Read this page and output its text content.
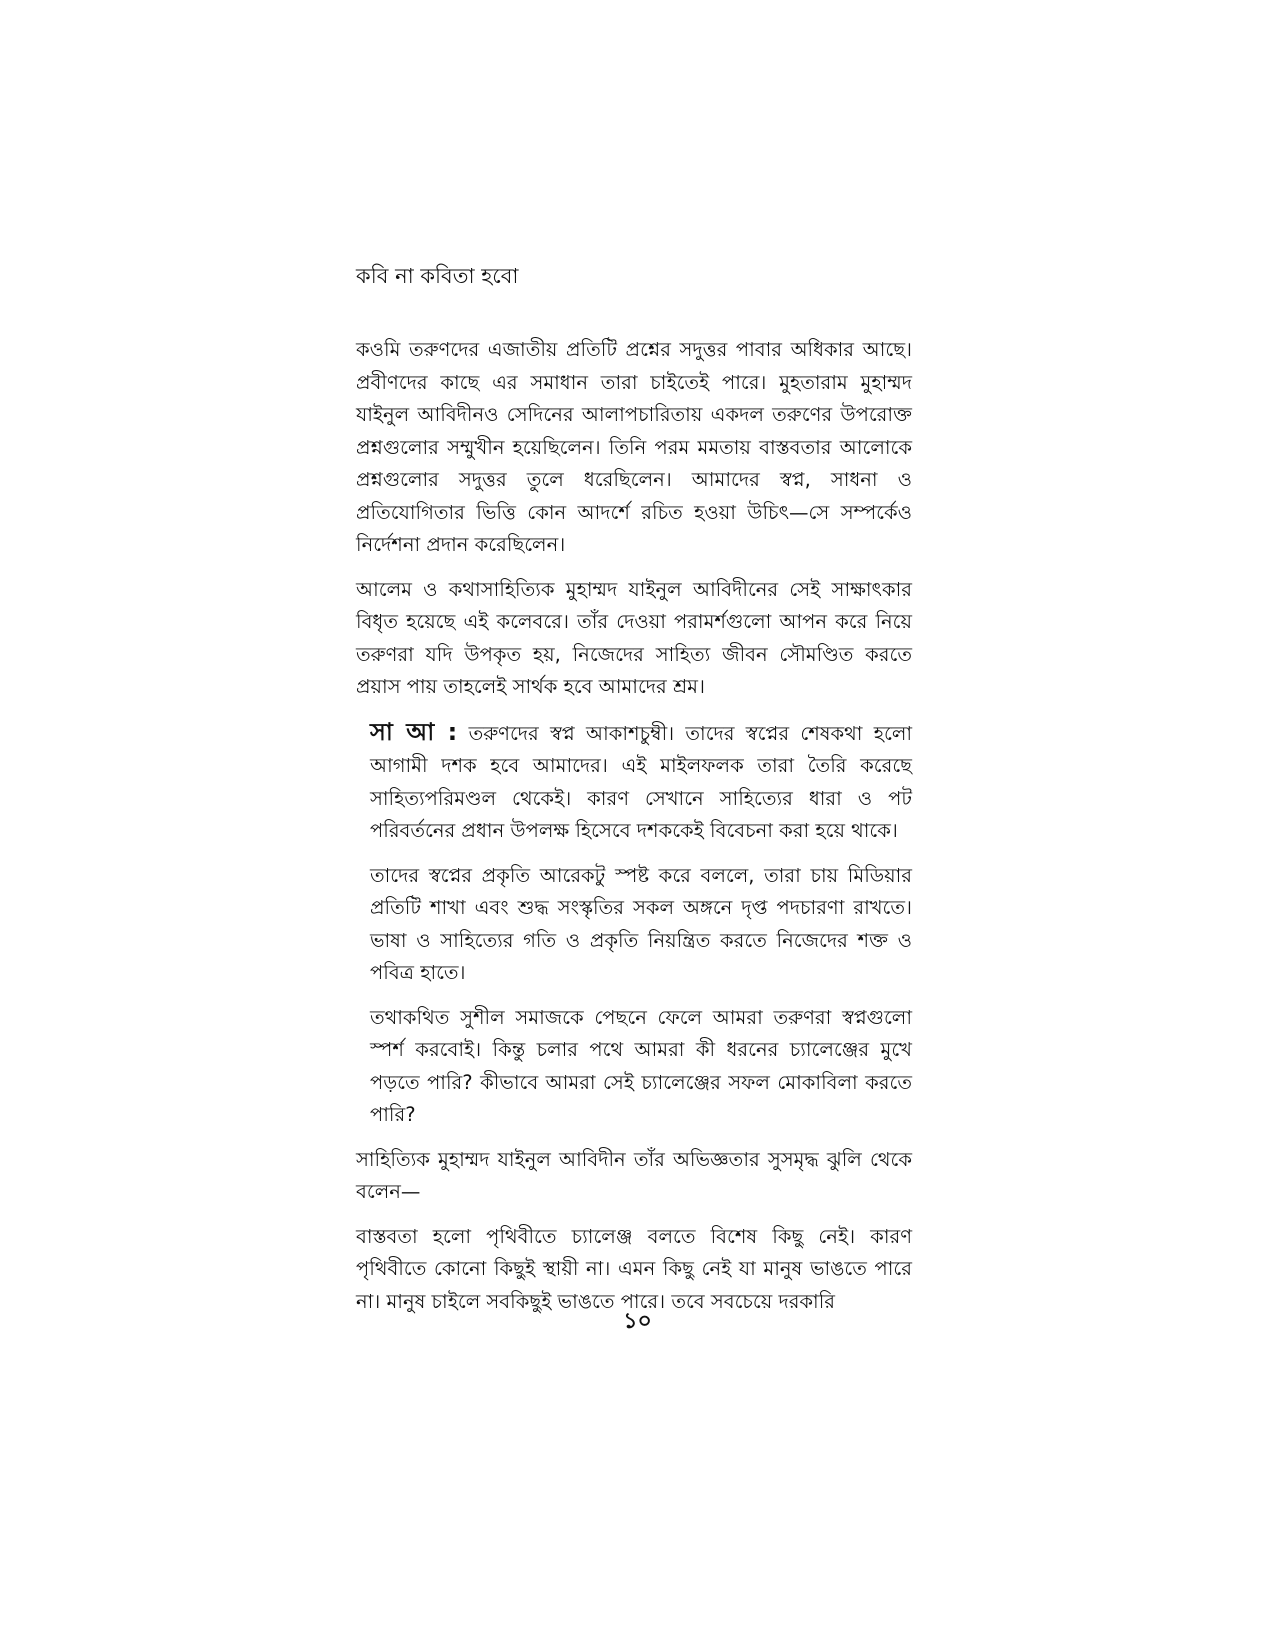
কবি না কবিতা হবো

কওমি তরুণদের এজাতীয় প্রতিটি প্রশ্নের সদুত্তর পাবার অধিকার আছে। প্রবীণদের কাছে এর সমাধান তারা চাইতেই পারে। মুহতারাম মুহাম্মদ যাইনুল আবিদীনও সেদিনের আলাপচারিতায় একদল তরুণের উপরোক্ত প্রশ্নগুলোর সম্মুখীন হয়েছিলেন। তিনি পরম মমতায় বাস্তবতার আলোকে প্রশ্নগুলোর সদুত্তর তুলে ধরেছিলেন। আমাদের স্বপ্ন, সাধনা ও প্রতিযোগিতার ভিত্তি কোন আদর্শে রচিত হওয়া উচিৎ—সে সম্পর্কেও নির্দেশনা প্রদান করেছিলেন।

আলেম ও কথাসাহিত্যিক মুহাম্মদ যাইনুল আবিদীনের সেই সাক্ষাৎকার বিধৃত হয়েছে এই কলেবরে। তাঁর দেওয়া পরামর্শগুলো আপন করে নিয়ে তরুণরা যদি উপকৃত হয়, নিজেদের সাহিত্য জীবন সৌমণ্ডিত করতে প্রয়াস পায় তাহলেই সার্থক হবে আমাদের শ্রম।

সা আ : তরুণদের স্বপ্ন আকাশচুম্বী। তাদের স্বপ্নের শেষকথা হলো আগামী দশক হবে আমাদের। এই মাইলফলক তারা তৈরি করেছে সাহিত্যপরিমণ্ডল থেকেই। কারণ সেখানে সাহিত্যের ধারা ও পট পরিবর্তনের প্রধান উপলক্ষ হিসেবে দশককেই বিবেচনা করা হয়ে থাকে।

তাদের স্বপ্নের প্রকৃতি আরেকটু স্পষ্ট করে বললে, তারা চায় মিডিয়ার প্রতিটি শাখা এবং শুদ্ধ সংস্কৃতির সকল অঙ্গনে দৃপ্ত পদচারণা রাখতে। ভাষা ও সাহিত্যের গতি ও প্রকৃতি নিয়ন্ত্রিত করতে নিজেদের শক্ত ও পবিত্র হাতে।

তথাকথিত সুশীল সমাজকে পেছনে ফেলে আমরা তরুণরা স্বপ্নগুলো স্পর্শ করবোই। কিন্তু চলার পথে আমরা কী ধরনের চ্যালেঞ্জের মুখে পড়তে পারি? কীভাবে আমরা সেই চ্যালেঞ্জের সফল মোকাবিলা করতে পারি?

সাহিত্যিক মুহাম্মদ যাইনুল আবিদীন তাঁর অভিজ্ঞতার সুসমৃদ্ধ ঝুলি থেকে বলেন—

বাস্তবতা হলো পৃথিবীতে চ্যালেঞ্জ বলতে বিশেষ কিছু নেই। কারণ পৃথিবীতে কোনো কিছুই স্থায়ী না। এমন কিছু নেই যা মানুষ ভাঙতে পারে না। মানুষ চাইলে সবকিছুই ভাঙতে পারে। তবে সবচেয়ে দরকারি

১০
